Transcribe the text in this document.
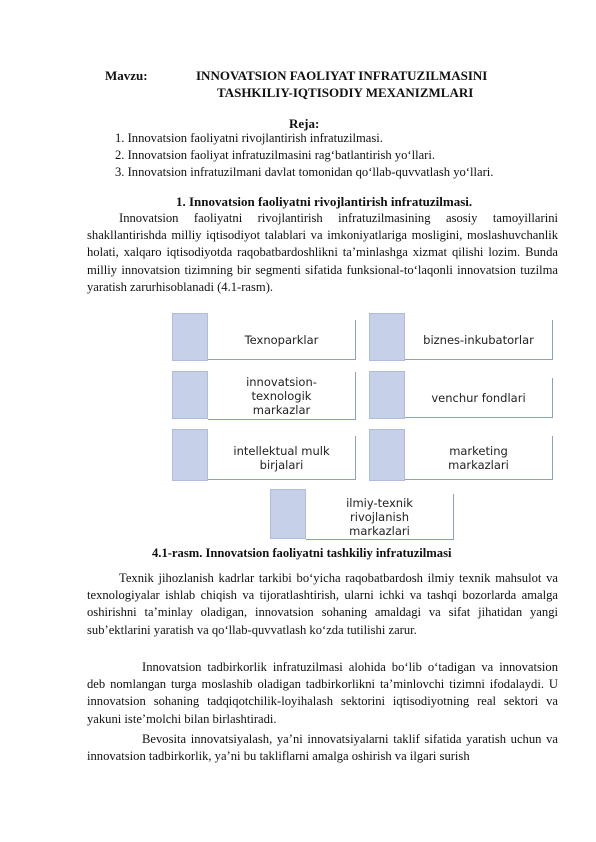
Mavzu:	INNOVATSION FAOLIYAT INFRATUZILMASINI
TASHKILIY-IQTISODIY MEXANIZMLARI
Reja:
1. Innovatsion faoliyatni rivojlantirish infratuzilmasi.
2. Innovatsion faoliyat infratuzilmasini rag‘batlantirish yo‘llari.
3. Innovatsion infratuzilmani davlat tomonidan qo‘llab-quvvatlash yo‘llari.
1. Innovatsion faoliyatni rivojlantirish infratuzilmasi.

Innovatsion faoliyatni rivojlantirish infratuzilmasining asosiy tamoyillarini shakllantirishda milliy iqtisodiyot talablari va imkoniyatlariga mosligini, moslashuvchanlik holati, xalqaro iqtisodiyotda raqobatbardoshlikni ta’minlashga xizmat qilishi lozim. Bunda milliy innovatsion tizimning bir segmenti sifatida funksional-to‘laqonli innovatsion tuzilma yaratish zarurhisoblanadi (4.1-rasm).

Texnoparklar	biznes-inkubatorlar
innovatsion-texnologik markazlar
venchur fondlari
intellektual mulk birjalari
marketing markazlari
ilmiy-texnik rivojlanish markazlari
4.1-rasm. Innovatsion faoliyatni tashkiliy infratuzilmasi

Texnik jihozlanish kadrlar tarkibi bo‘yicha raqobatbardosh ilmiy texnik mahsulot va texnologiyalar ishlab chiqish va tijoratlashtirish, ularni ichki va tashqi bozorlarda amalga oshirishni ta’minlay oladigan, innovatsion sohaning amaldagi va sifat jihatidan yangi sub’ektlarini yaratish va qo‘llab-quvvatlash ko‘zda tutilishi zarur.

Innovatsion tadbirkorlik infratuzilmasi alohida bo‘lib o‘tadigan va innovatsion deb nomlangan turga moslashib oladigan tadbirkorlikni ta’minlovchi tizimni ifodalaydi. U innovatsion sohaning tadqiqotchilik-loyihalash sektorini iqtisodiyotning real sektori va yakuni iste’molchi bilan birlashtiradi.

Bevosita innovatsiyalash, ya’ni innovatsiyalarni taklif sifatida yaratish uchun va innovatsion tadbirkorlik, ya’ni bu takliflarni amalga oshirish va ilgari surish
